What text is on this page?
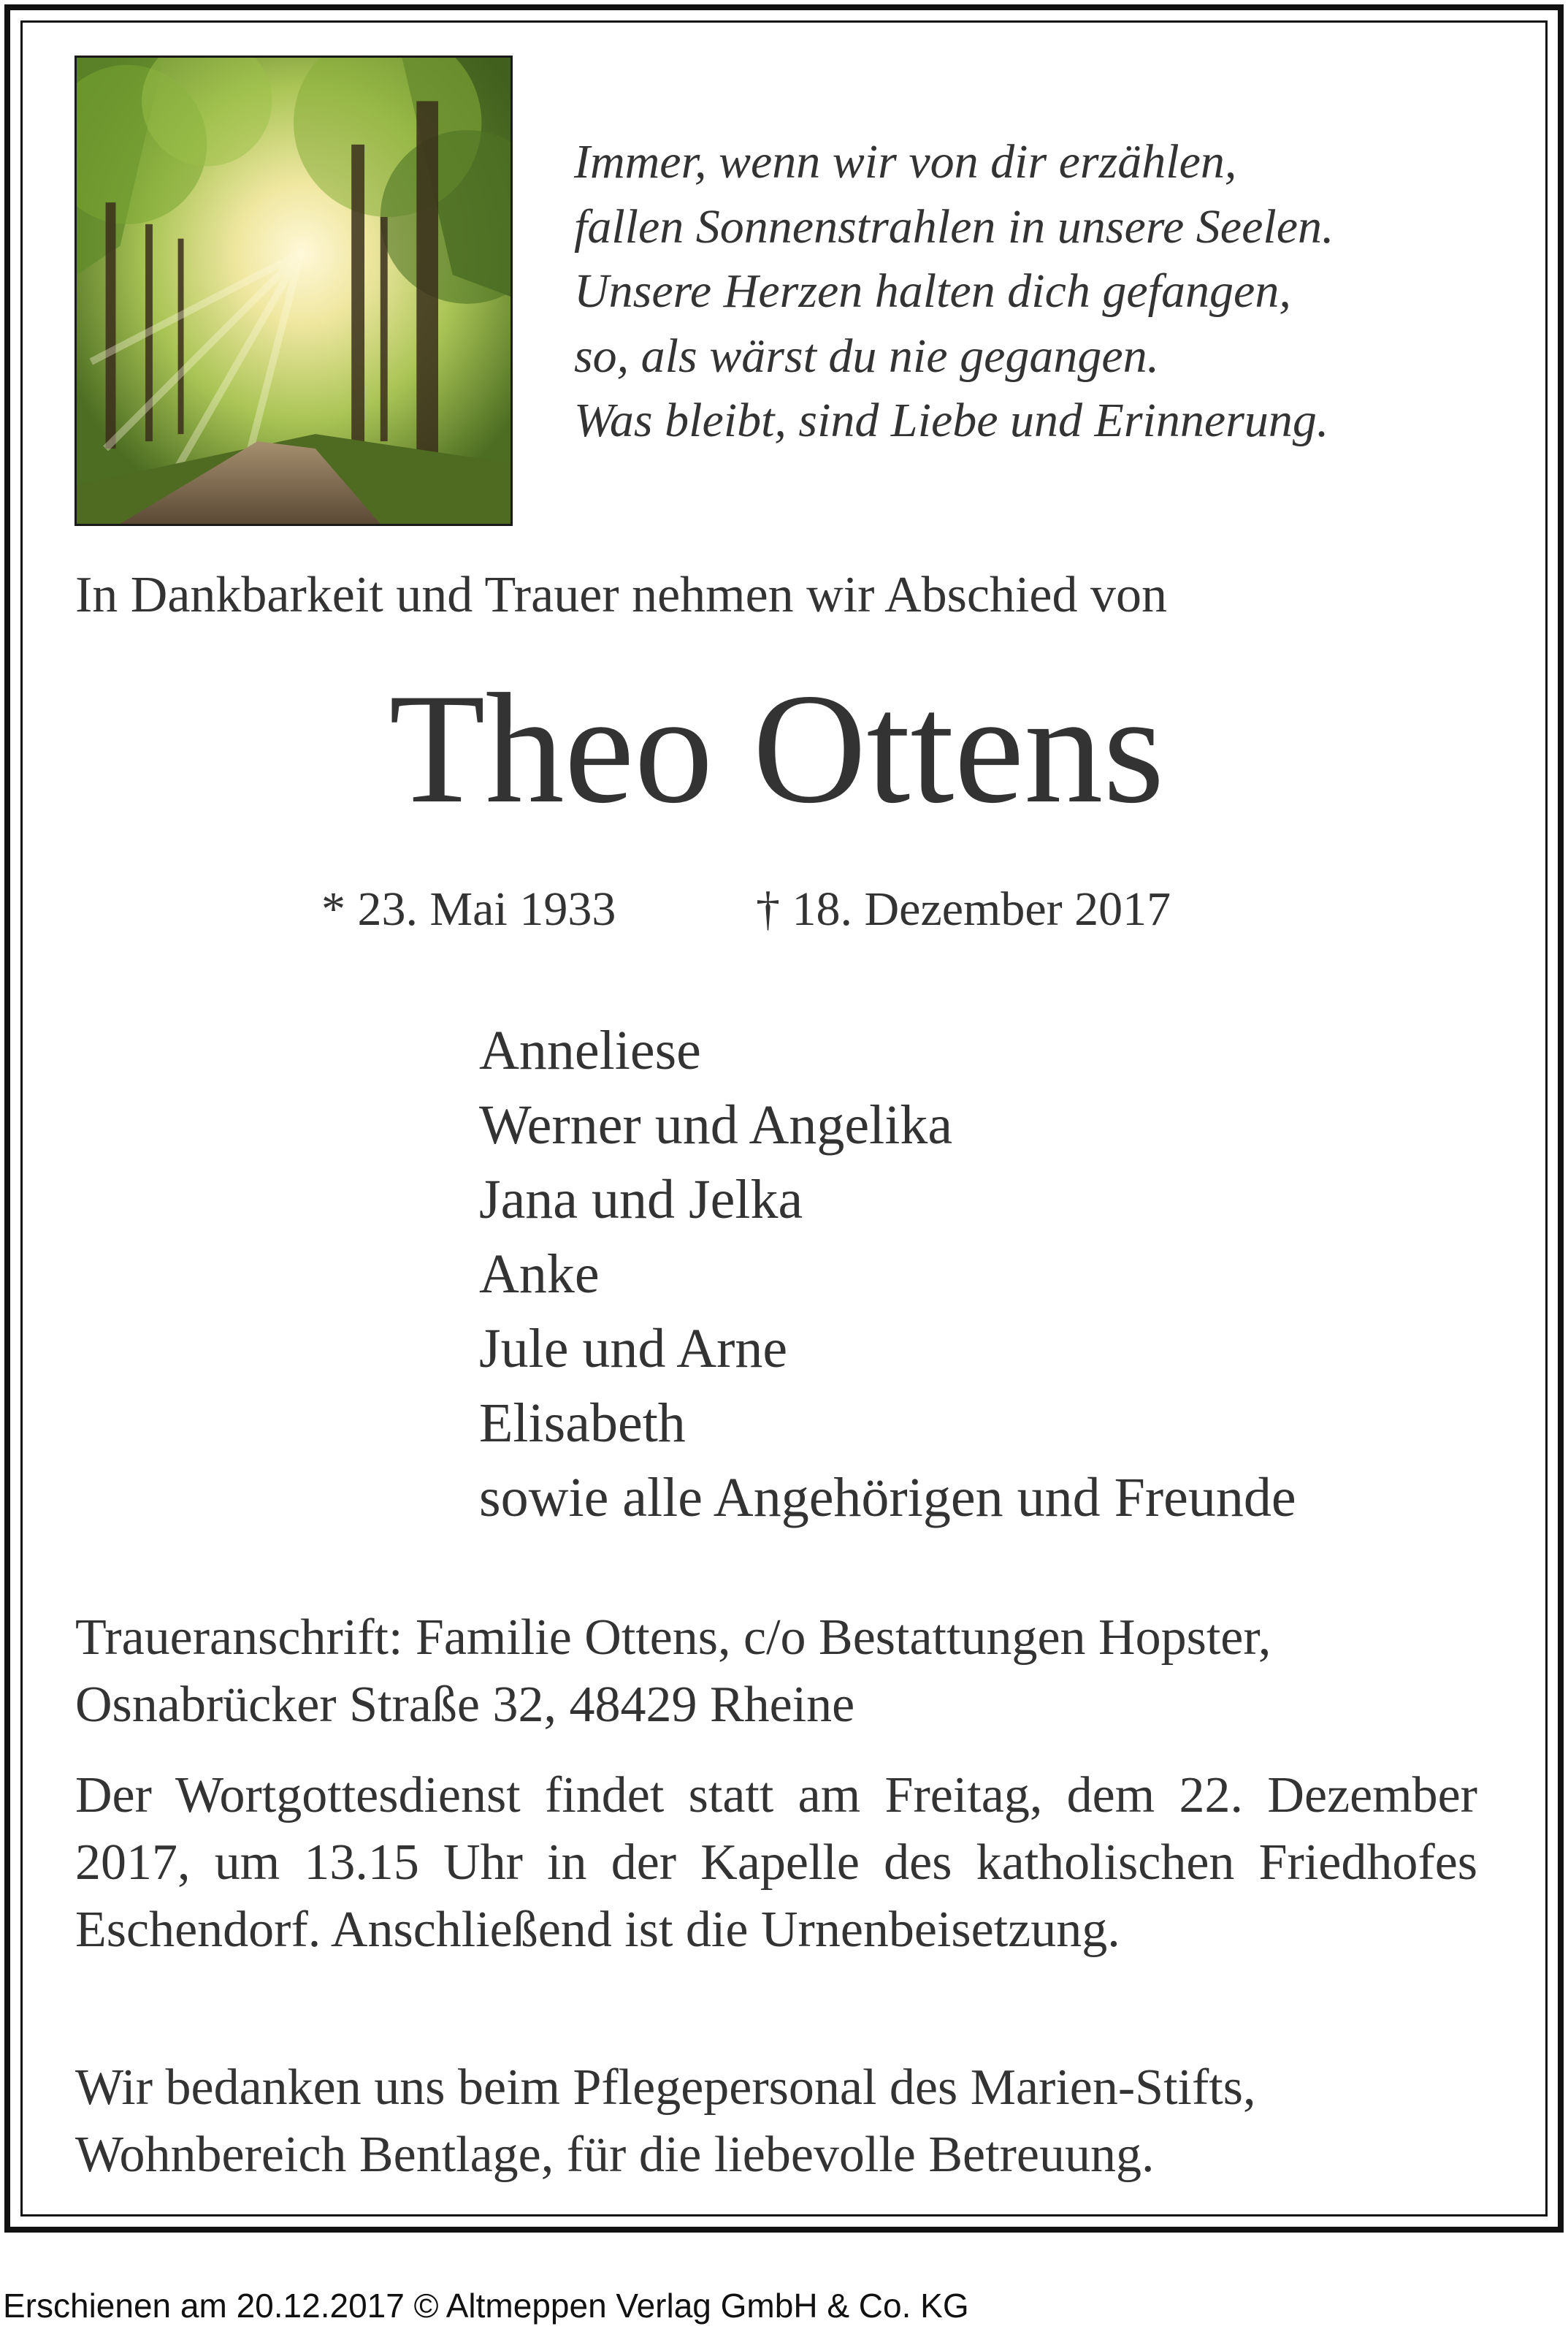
Immer, wenn wir von dir erzählen,
fallen Sonnenstrahlen in unsere Seelen.
Unsere Herzen halten dich gefangen,
so, als wärst du nie gegangen.
Was bleibt, sind Liebe und Erinnerung.
In Dankbarkeit und Trauer nehmen wir Abschied von
Theo Ottens
* 23. Mai 1933	† 18. Dezember 2017
Anneliese
Werner und Angelika
Jana und Jelka
Anke
Jule und Arne
Elisabeth
sowie alle Angehörigen und Freunde
Traueranschrift: Familie Ottens, c/o Bestattungen Hopster,
Osnabrücker Straße 32, 48429 Rheine
Der Wortgottesdienst findet statt am Freitag, dem 22. Dezember 2017, um 13.15 Uhr in der Kapelle des katholischen Friedhofes Eschendorf. Anschließend ist die Urnenbeisetzung.
Wir bedanken uns beim Pflegepersonal des Marien-Stifts,
Wohnbereich Bentlage, für die liebevolle Betreuung.
Erschienen am 20.12.2017 © Altmeppen Verlag GmbH & Co. KG
